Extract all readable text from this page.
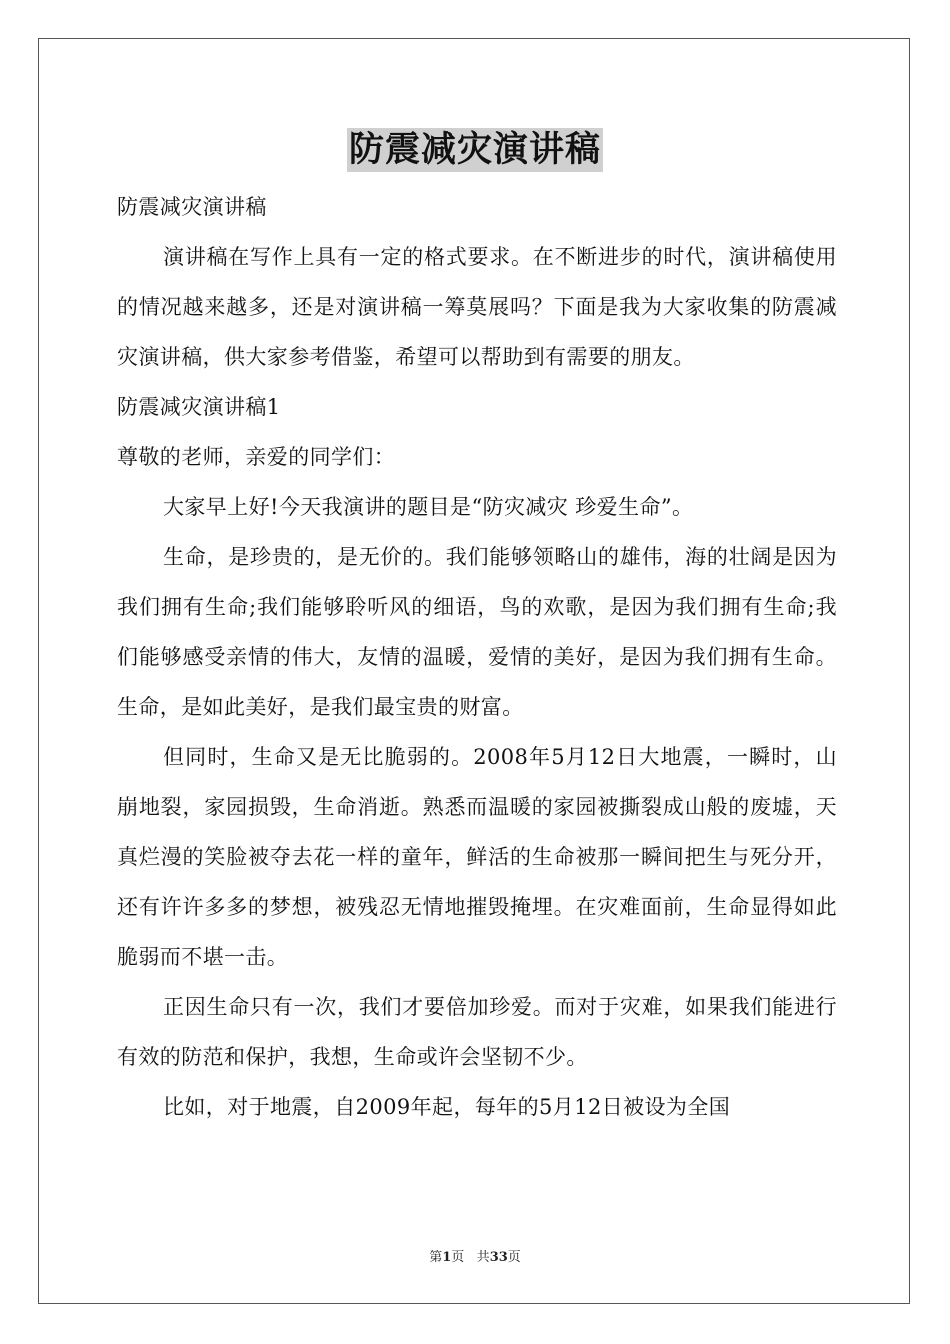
防震减灾演讲稿

防震减灾演讲稿

演讲稿在写作上具有一定的格式要求。在不断进步的时代，演讲稿使用的情况越来越多，还是对演讲稿一筹莫展吗？下面是我为大家收集的防震减灾演讲稿，供大家参考借鉴，希望可以帮助到有需要的朋友。

防震减灾演讲稿1

尊敬的老师，亲爱的同学们：

大家早上好!今天我演讲的题目是“防灾减灾 珍爱生命”。

生命，是珍贵的，是无价的。我们能够领略山的雄伟，海的壮阔是因为我们拥有生命;我们能够聆听风的细语，鸟的欢歌，是因为我们拥有生命;我们能够感受亲情的伟大，友情的温暖，爱情的美好，是因为我们拥有生命。生命，是如此美好，是我们最宝贵的财富。

但同时，生命又是无比脆弱的。2008年5月12日大地震，一瞬时，山崩地裂，家园损毁，生命消逝。熟悉而温暖的家园被撕裂成山般的废墟，天真烂漫的笑脸被夺去花一样的童年，鲜活的生命被那一瞬间把生与死分开，还有许许多多的梦想，被残忍无情地摧毁掩埋。在灾难面前，生命显得如此脆弱而不堪一击。

正因生命只有一次，我们才要倍加珍爱。而对于灾难，如果我们能进行有效的防范和保护，我想，生命或许会坚韧不少。

比如，对于地震，自2009年起，每年的5月12日被设为全国

第1页 共33页
